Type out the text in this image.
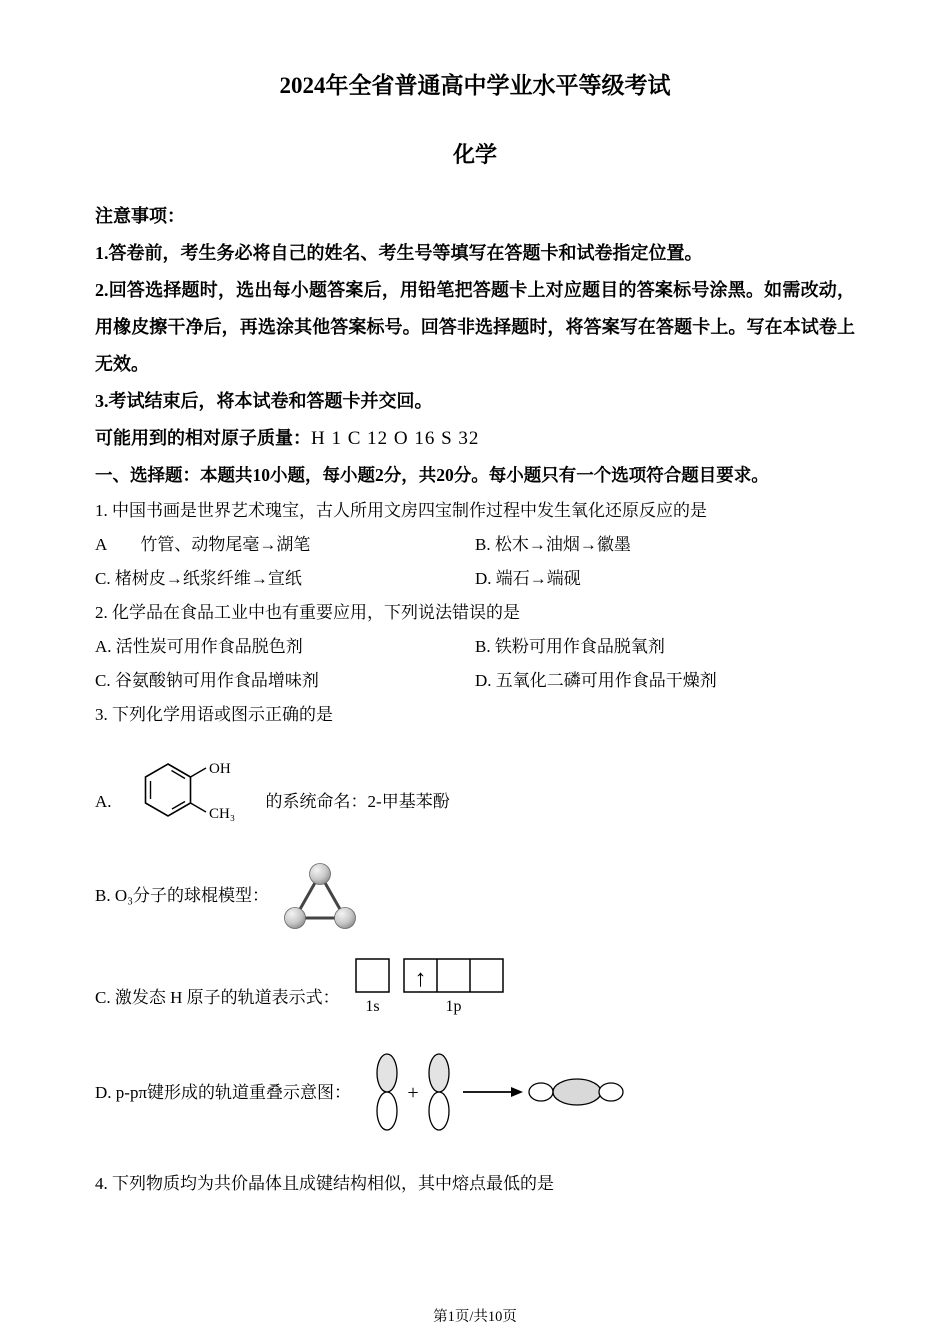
2024年全省普通高中学业水平等级考试
化学

注意事项：

1.答卷前，考生务必将自己的姓名、考生号等填写在答题卡和试卷指定位置。

2.回答选择题时，选出每小题答案后，用铅笔把答题卡上对应题目的答案标号涂黑。如需改动，用橡皮擦干净后，再选涂其他答案标号。回答非选择题时，将答案写在答题卡上。写在本试卷上无效。

3.考试结束后，将本试卷和答题卡并交回。

可能用到的相对原子质量：H 1 C 12 O 16 S 32

一、选择题：本题共10小题，每小题2分，共20分。每小题只有一个选项符合题目要求。

1. 中国书画是世界艺术瑰宝，古人所用文房四宝制作过程中发生氧化还原反应的是

A　　竹管、动物尾毫→湖笔	B. 松木→油烟→徽墨
C. 楮树皮→纸浆纤维→宣纸	D. 端石→端砚

2. 化学品在食品工业中也有重要应用，下列说法错误的是

A. 活性炭可用作食品脱色剂	B. 铁粉可用作食品脱氧剂
C. 谷氨酸钠可用作食品增味剂	D. 五氧化二磷可用作食品干燥剂

3. 下列化学用语或图示正确的是

A.
OH
CH₃
的系统命名：2-甲基苯酚
B. O₃分子的球棍模型：
C. 激发态 H 原子的轨道表示式：
↑
1s	1p
D. p-pπ键形成的轨道重叠示意图：	+

4. 下列物质均为共价晶体且成键结构相似，其中熔点最低的是

第1页/共10页
